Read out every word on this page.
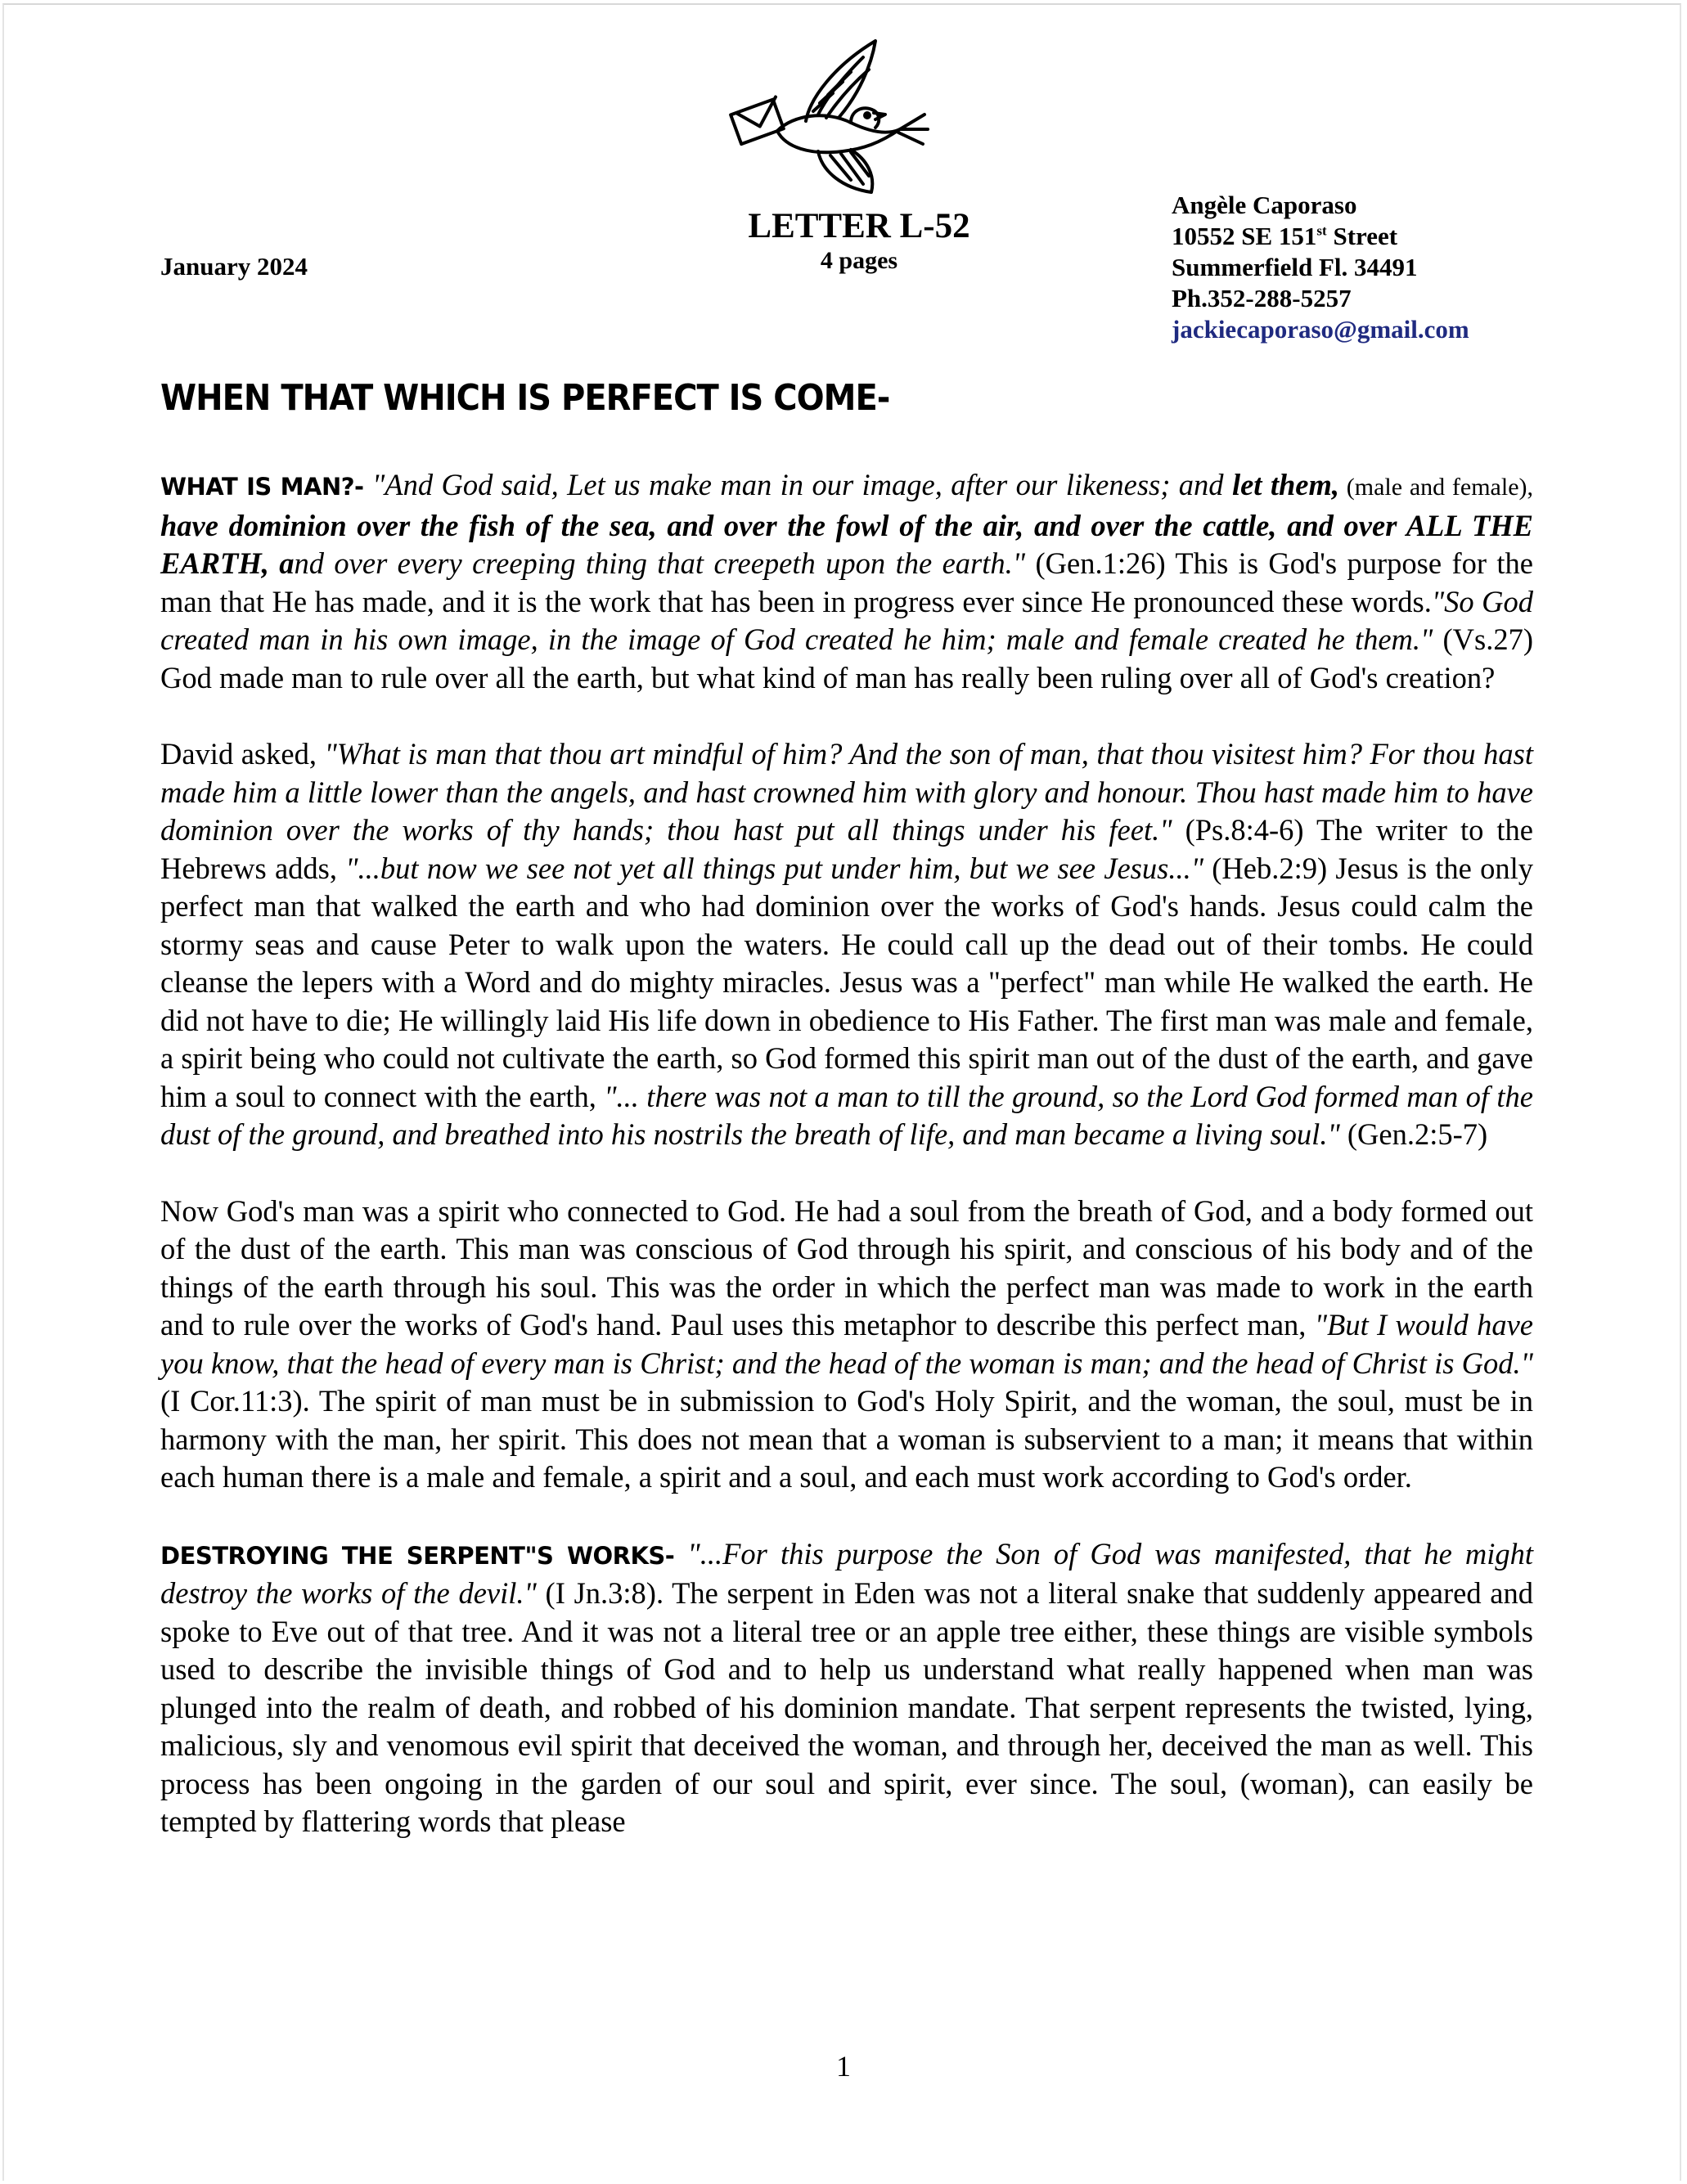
January 2024
LETTER L-52
4 pages
Angèle Caporaso
10552 SE 151st Street
Summerfield Fl. 34491
Ph.352-288-5257
jackiecaporaso@gmail.com
WHEN THAT WHICH IS PERFECT IS COME-

WHAT IS MAN?- "And God said, Let us make man in our image, after our likeness; and let them, (male and female), have dominion over the fish of the sea, and over the fowl of the air, and over the cattle, and over ALL THE EARTH, and over every creeping thing that creepeth upon the earth." (Gen.1:26) This is God's purpose for the man that He has made, and it is the work that has been in progress ever since He pronounced these words."So God created man in his own image, in the image of God created he him; male and female created he them." (Vs.27) God made man to rule over all the earth, but what kind of man has really been ruling over all of God's creation?

David asked, "What is man that thou art mindful of him? And the son of man, that thou visitest him? For thou hast made him a little lower than the angels, and hast crowned him with glory and honour. Thou hast made him to have dominion over the works of thy hands; thou hast put all things under his feet." (Ps.8:4-6) The writer to the Hebrews adds, "...but now we see not yet all things put under him, but we see Jesus..." (Heb.2:9) Jesus is the only perfect man that walked the earth and who had dominion over the works of God's hands. Jesus could calm the stormy seas and cause Peter to walk upon the waters. He could call up the dead out of their tombs. He could cleanse the lepers with a Word and do mighty miracles. Jesus was a "perfect" man while He walked the earth. He did not have to die; He willingly laid His life down in obedience to His Father. The first man was male and female, a spirit being who could not cultivate the earth, so God formed this spirit man out of the dust of the earth, and gave him a soul to connect with the earth, "... there was not a man to till the ground, so the Lord God formed man of the dust of the ground, and breathed into his nostrils the breath of life, and man became a living soul." (Gen.2:5-7)

Now God's man was a spirit who connected to God. He had a soul from the breath of God, and a body formed out of the dust of the earth. This man was conscious of God through his spirit, and conscious of his body and of the things of the earth through his soul. This was the order in which the perfect man was made to work in the earth and to rule over the works of God's hand. Paul uses this metaphor to describe this perfect man, "But I would have you know, that the head of every man is Christ; and the head of the woman is man; and the head of Christ is God." (I Cor.11:3). The spirit of man must be in submission to God's Holy Spirit, and the woman, the soul, must be in harmony with the man, her spirit. This does not mean that a woman is subservient to a man; it means that within each human there is a male and female, a spirit and a soul, and each must work according to God's order.

DESTROYING THE SERPENT"S WORKS- "...For this purpose the Son of God was manifested, that he might destroy the works of the devil." (I Jn.3:8). The serpent in Eden was not a literal snake that suddenly appeared and spoke to Eve out of that tree. And it was not a literal tree or an apple tree either, these things are visible symbols used to describe the invisible things of God and to help us understand what really happened when man was plunged into the realm of death, and robbed of his dominion mandate. That serpent represents the twisted, lying, malicious, sly and venomous evil spirit that deceived the woman, and through her, deceived the man as well. This process has been ongoing in the garden of our soul and spirit, ever since. The soul, (woman), can easily be tempted by flattering words that please

1
